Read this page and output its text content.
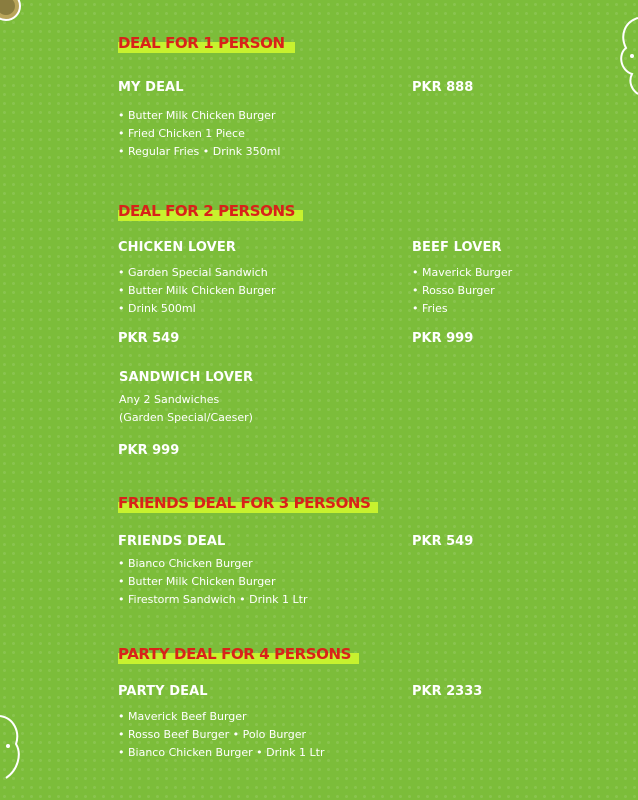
DEAL FOR 1 PERSON
MY DEAL	PKR 888
• Butter Milk Chicken Burger
• Fried Chicken 1 Piece
• Regular Fries • Drink 350ml
DEAL FOR 2 PERSONS
CHICKEN LOVER
• Garden Special Sandwich
• Butter Milk Chicken Burger
• Drink 500ml
PKR 549
BEEF LOVER
• Maverick Burger
• Rosso Burger
• Fries
PKR 999
SANDWICH LOVER
Any 2 Sandwiches
(Garden Special/Caeser)
PKR 999
FRIENDS DEAL FOR 3 PERSONS
FRIENDS DEAL	PKR 549
• Bianco Chicken Burger
• Butter Milk Chicken Burger
• Firestorm Sandwich • Drink 1 Ltr
PARTY DEAL FOR 4 PERSONS
PARTY DEAL	PKR 2333
• Maverick Beef Burger
• Rosso Beef Burger • Polo Burger
• Bianco Chicken Burger • Drink 1 Ltr
